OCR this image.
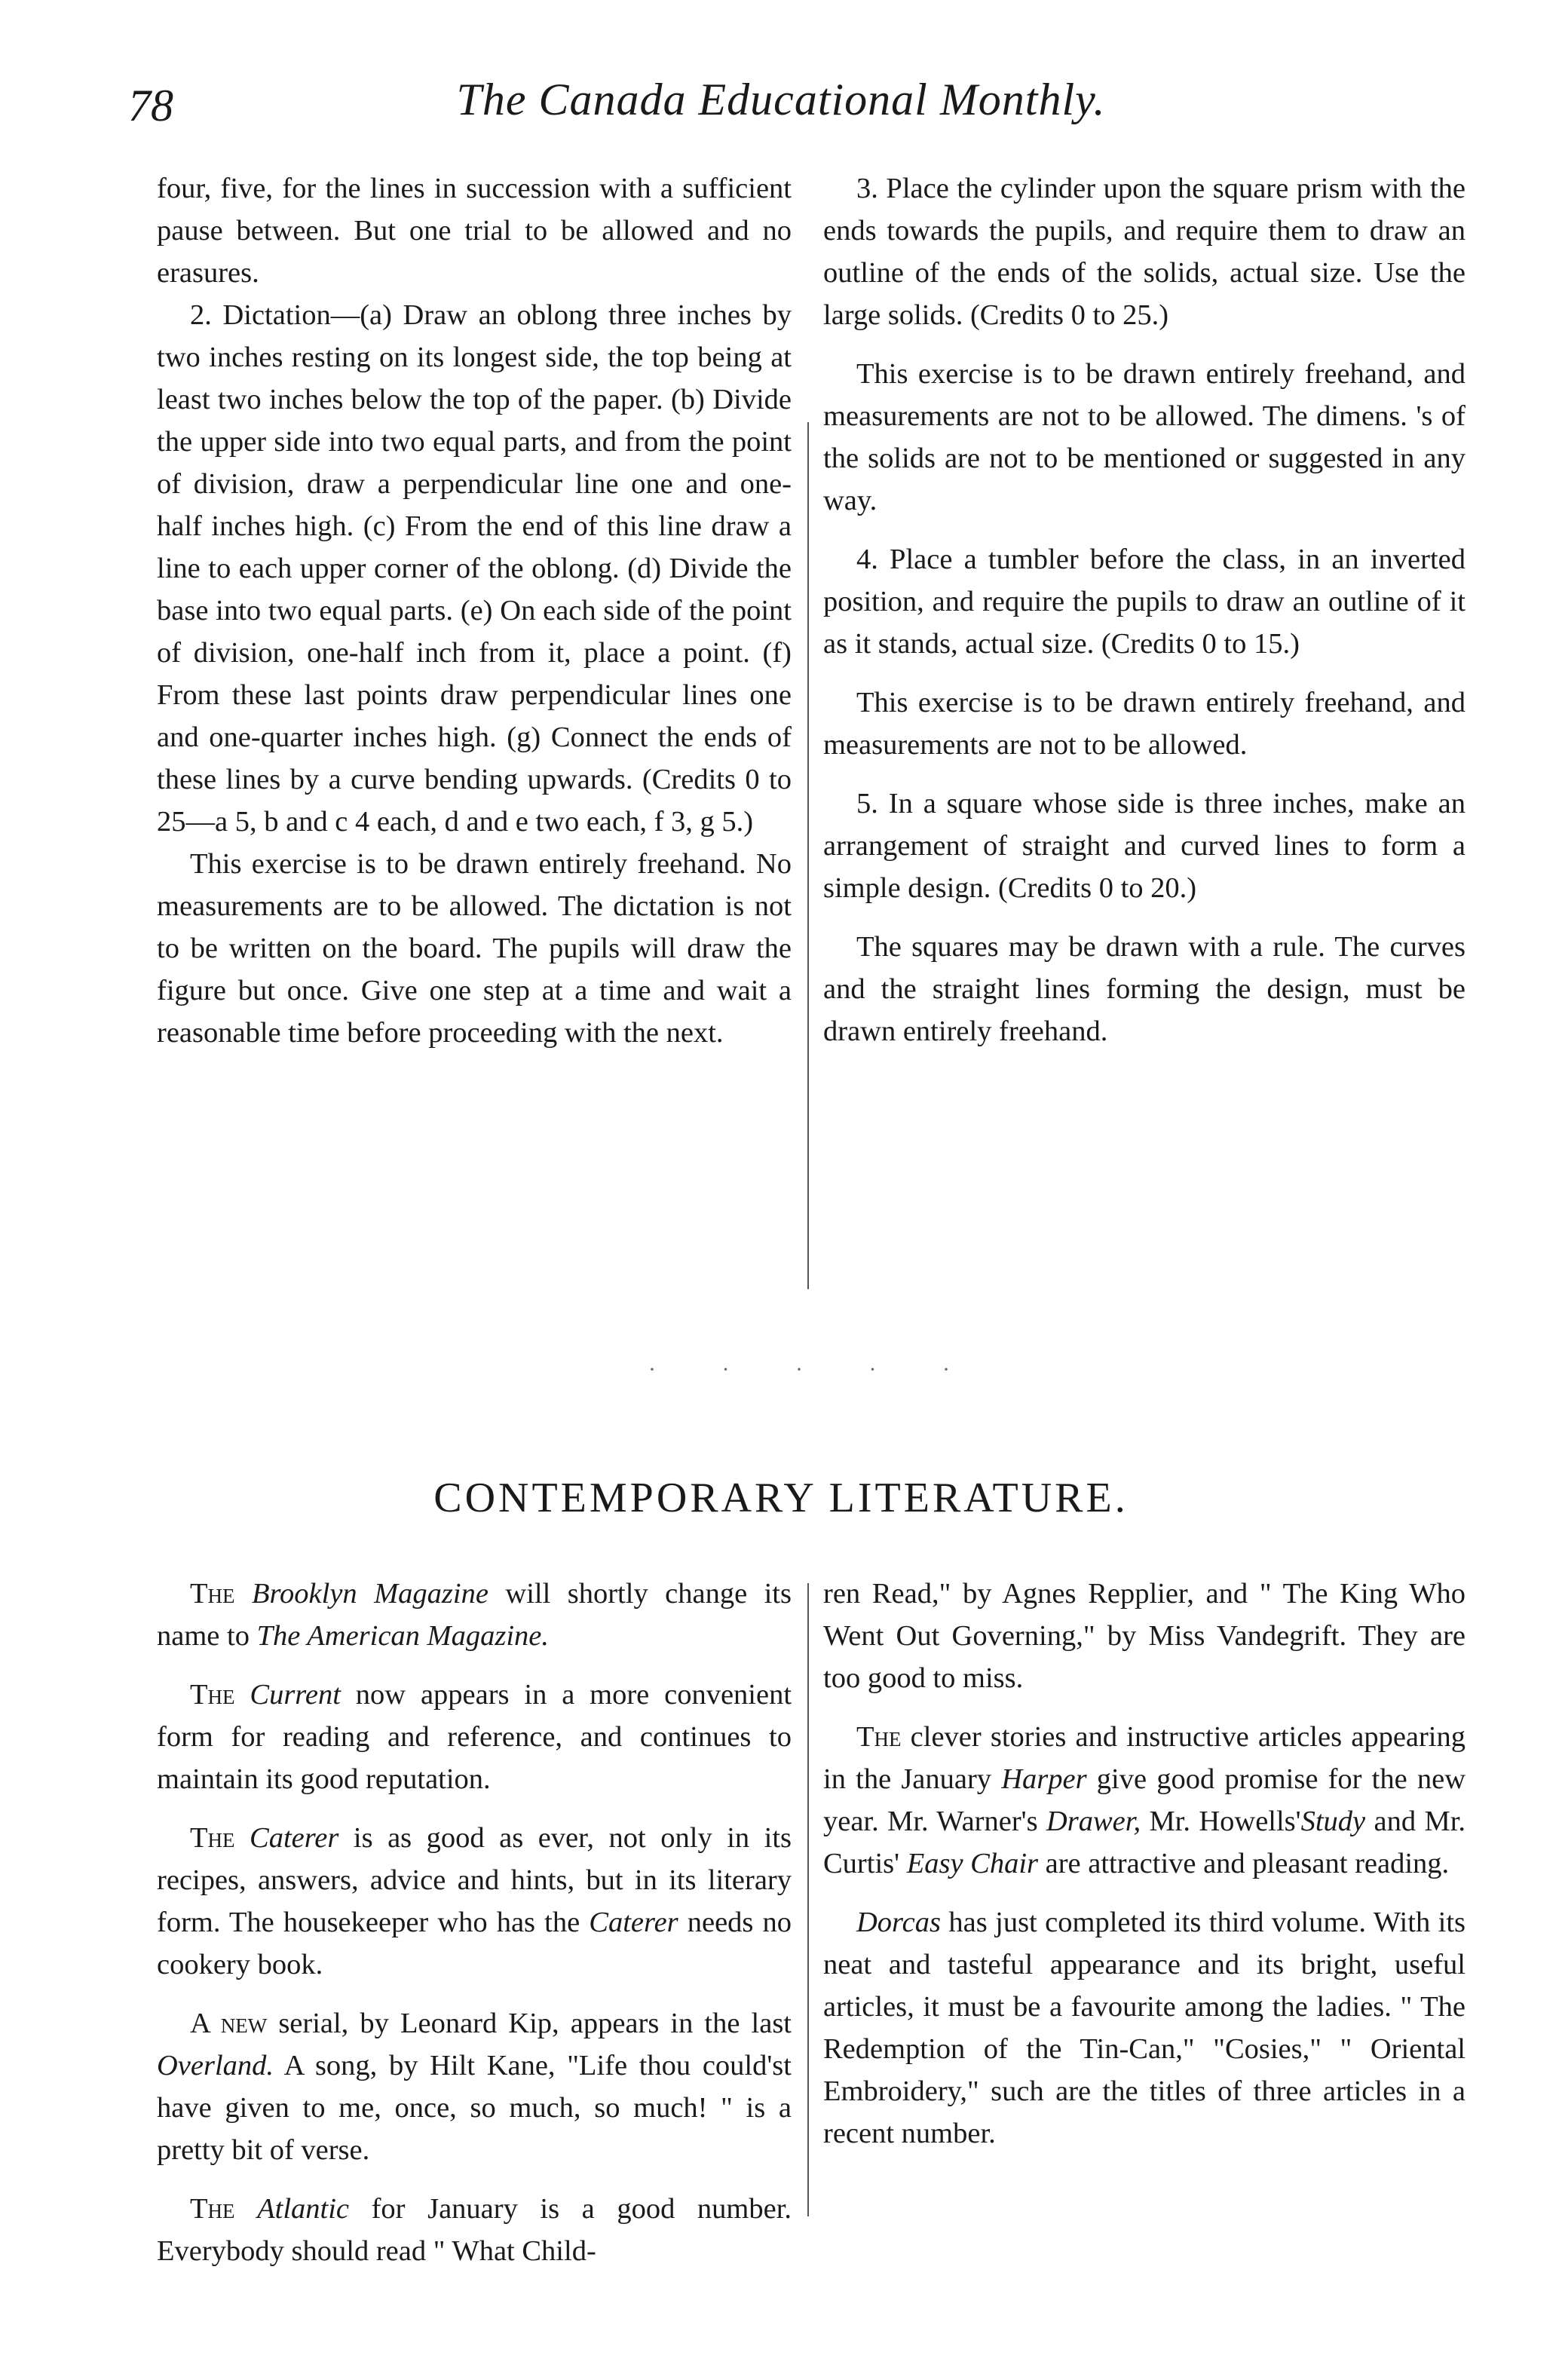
78	The Canada Educational Monthly.

four, five, for the lines in succession with a sufficient pause between. But one trial to be allowed and no erasures.

2. Dictation—(a) Draw an oblong three inches by two inches resting on its longest side, the top being at least two inches below the top of the paper. (b) Divide the upper side into two equal parts, and from the point of division, draw a perpendicular line one and one-half inches high. (c) From the end of this line draw a line to each upper corner of the oblong. (d) Divide the base into two equal parts. (e) On each side of the point of division, one-half inch from it, place a point. (f) From these last points draw perpendicular lines one and one-quarter inches high. (g) Connect the ends of these lines by a curve bending upwards. (Credits 0 to 25—a 5, b and c 4 each, d and e two each, f 3, g 5.)

This exercise is to be drawn entirely freehand. No measurements are to be allowed. The dictation is not to be written on the board. The pupils will draw the figure but once. Give one step at a time and wait a reasonable time before proceeding with the next.

3. Place the cylinder upon the square prism with the ends towards the pupils, and require them to draw an outline of the ends of the solids, actual size. Use the large solids. (Credits 0 to 25.)

This exercise is to be drawn entirely freehand, and measurements are not to be allowed. The dimens. 's of the solids are not to be mentioned or suggested in any way.

4. Place a tumbler before the class, in an inverted position, and require the pupils to draw an outline of it as it stands, actual size. (Credits 0 to 15.)

This exercise is to be drawn entirely freehand, and measurements are not to be allowed.

5. In a square whose side is three inches, make an arrangement of straight and curved lines to form a simple design. (Credits 0 to 20.)

The squares may be drawn with a rule. The curves and the straight lines forming the design, must be drawn entirely freehand.

· · · · ·
CONTEMPORARY LITERATURE.

The Brooklyn Magazine will shortly change its name to The American Magazine.

The Current now appears in a more convenient form for reading and reference, and continues to maintain its good reputation.

The Caterer is as good as ever, not only in its recipes, answers, advice and hints, but in its literary form. The housekeeper who has the Caterer needs no cookery book.

A new serial, by Leonard Kip, appears in the last Overland. A song, by Hilt Kane, "Life thou could'st have given to me, once, so much, so much! " is a pretty bit of verse.

The Atlantic for January is a good number. Everybody should read " What Child-

ren Read," by Agnes Repplier, and " The King Who Went Out Governing," by Miss Vandegrift. They are too good to miss.

The clever stories and instructive articles appearing in the January Harper give good promise for the new year. Mr. Warner's Drawer, Mr. Howells'Study and Mr. Curtis' Easy Chair are attractive and pleasant reading.

Dorcas has just completed its third volume. With its neat and tasteful appearance and its bright, useful articles, it must be a favourite among the ladies. " The Redemption of the Tin-Can," "Cosies," " Oriental Embroidery," such are the titles of three articles in a recent number.
